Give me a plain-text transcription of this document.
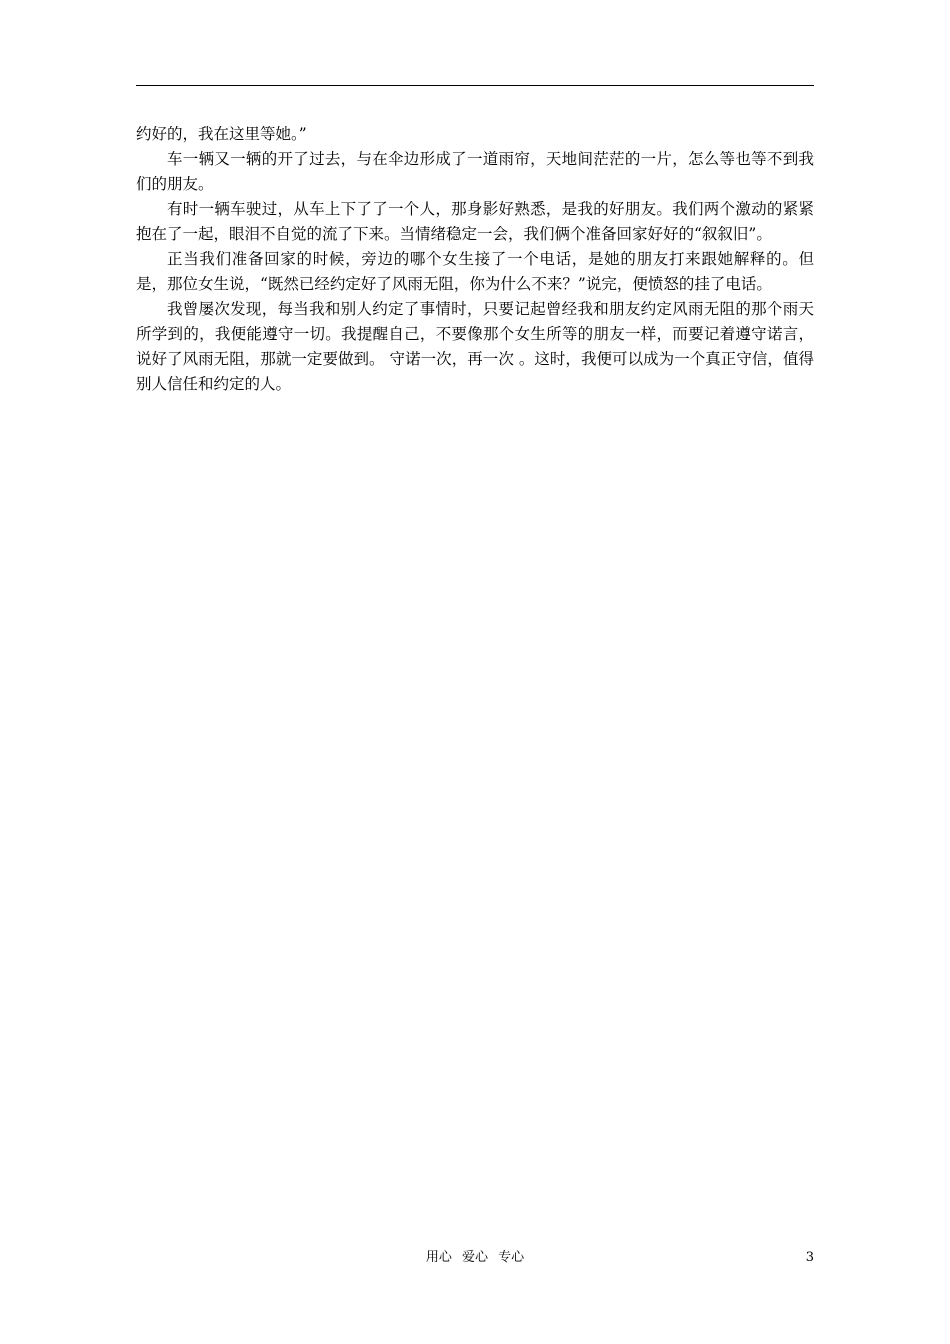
约好的，我在这里等她。”

车一辆又一辆的开了过去，与在伞边形成了一道雨帘，天地间茫茫的一片，怎么等也等不到我们的朋友。

有时一辆车驶过，从车上下了了一个人，那身影好熟悉，是我的好朋友。我们两个激动的紧紧抱在了一起，眼泪不自觉的流了下来。当情绪稳定一会，我们俩个准备回家好好的“叙叙旧”。

正当我们准备回家的时候，旁边的哪个女生接了一个电话，是她的朋友打来跟她解释的。但是，那位女生说，“既然已经约定好了风雨无阻，你为什么不来？”说完，便愤怒的挂了电话。

我曾屡次发现，每当我和别人约定了事情时，只要记起曾经我和朋友约定风雨无阻的那个雨天所学到的，我便能遵守一切。我提醒自己，不要像那个女生所等的朋友一样，而要记着遵守诺言，说好了风雨无阻，那就一定要做到。 守诺一次，再一次 。这时，我便可以成为一个真正守信，值得别人信任和约定的人。

用心 爱心 专心	3
